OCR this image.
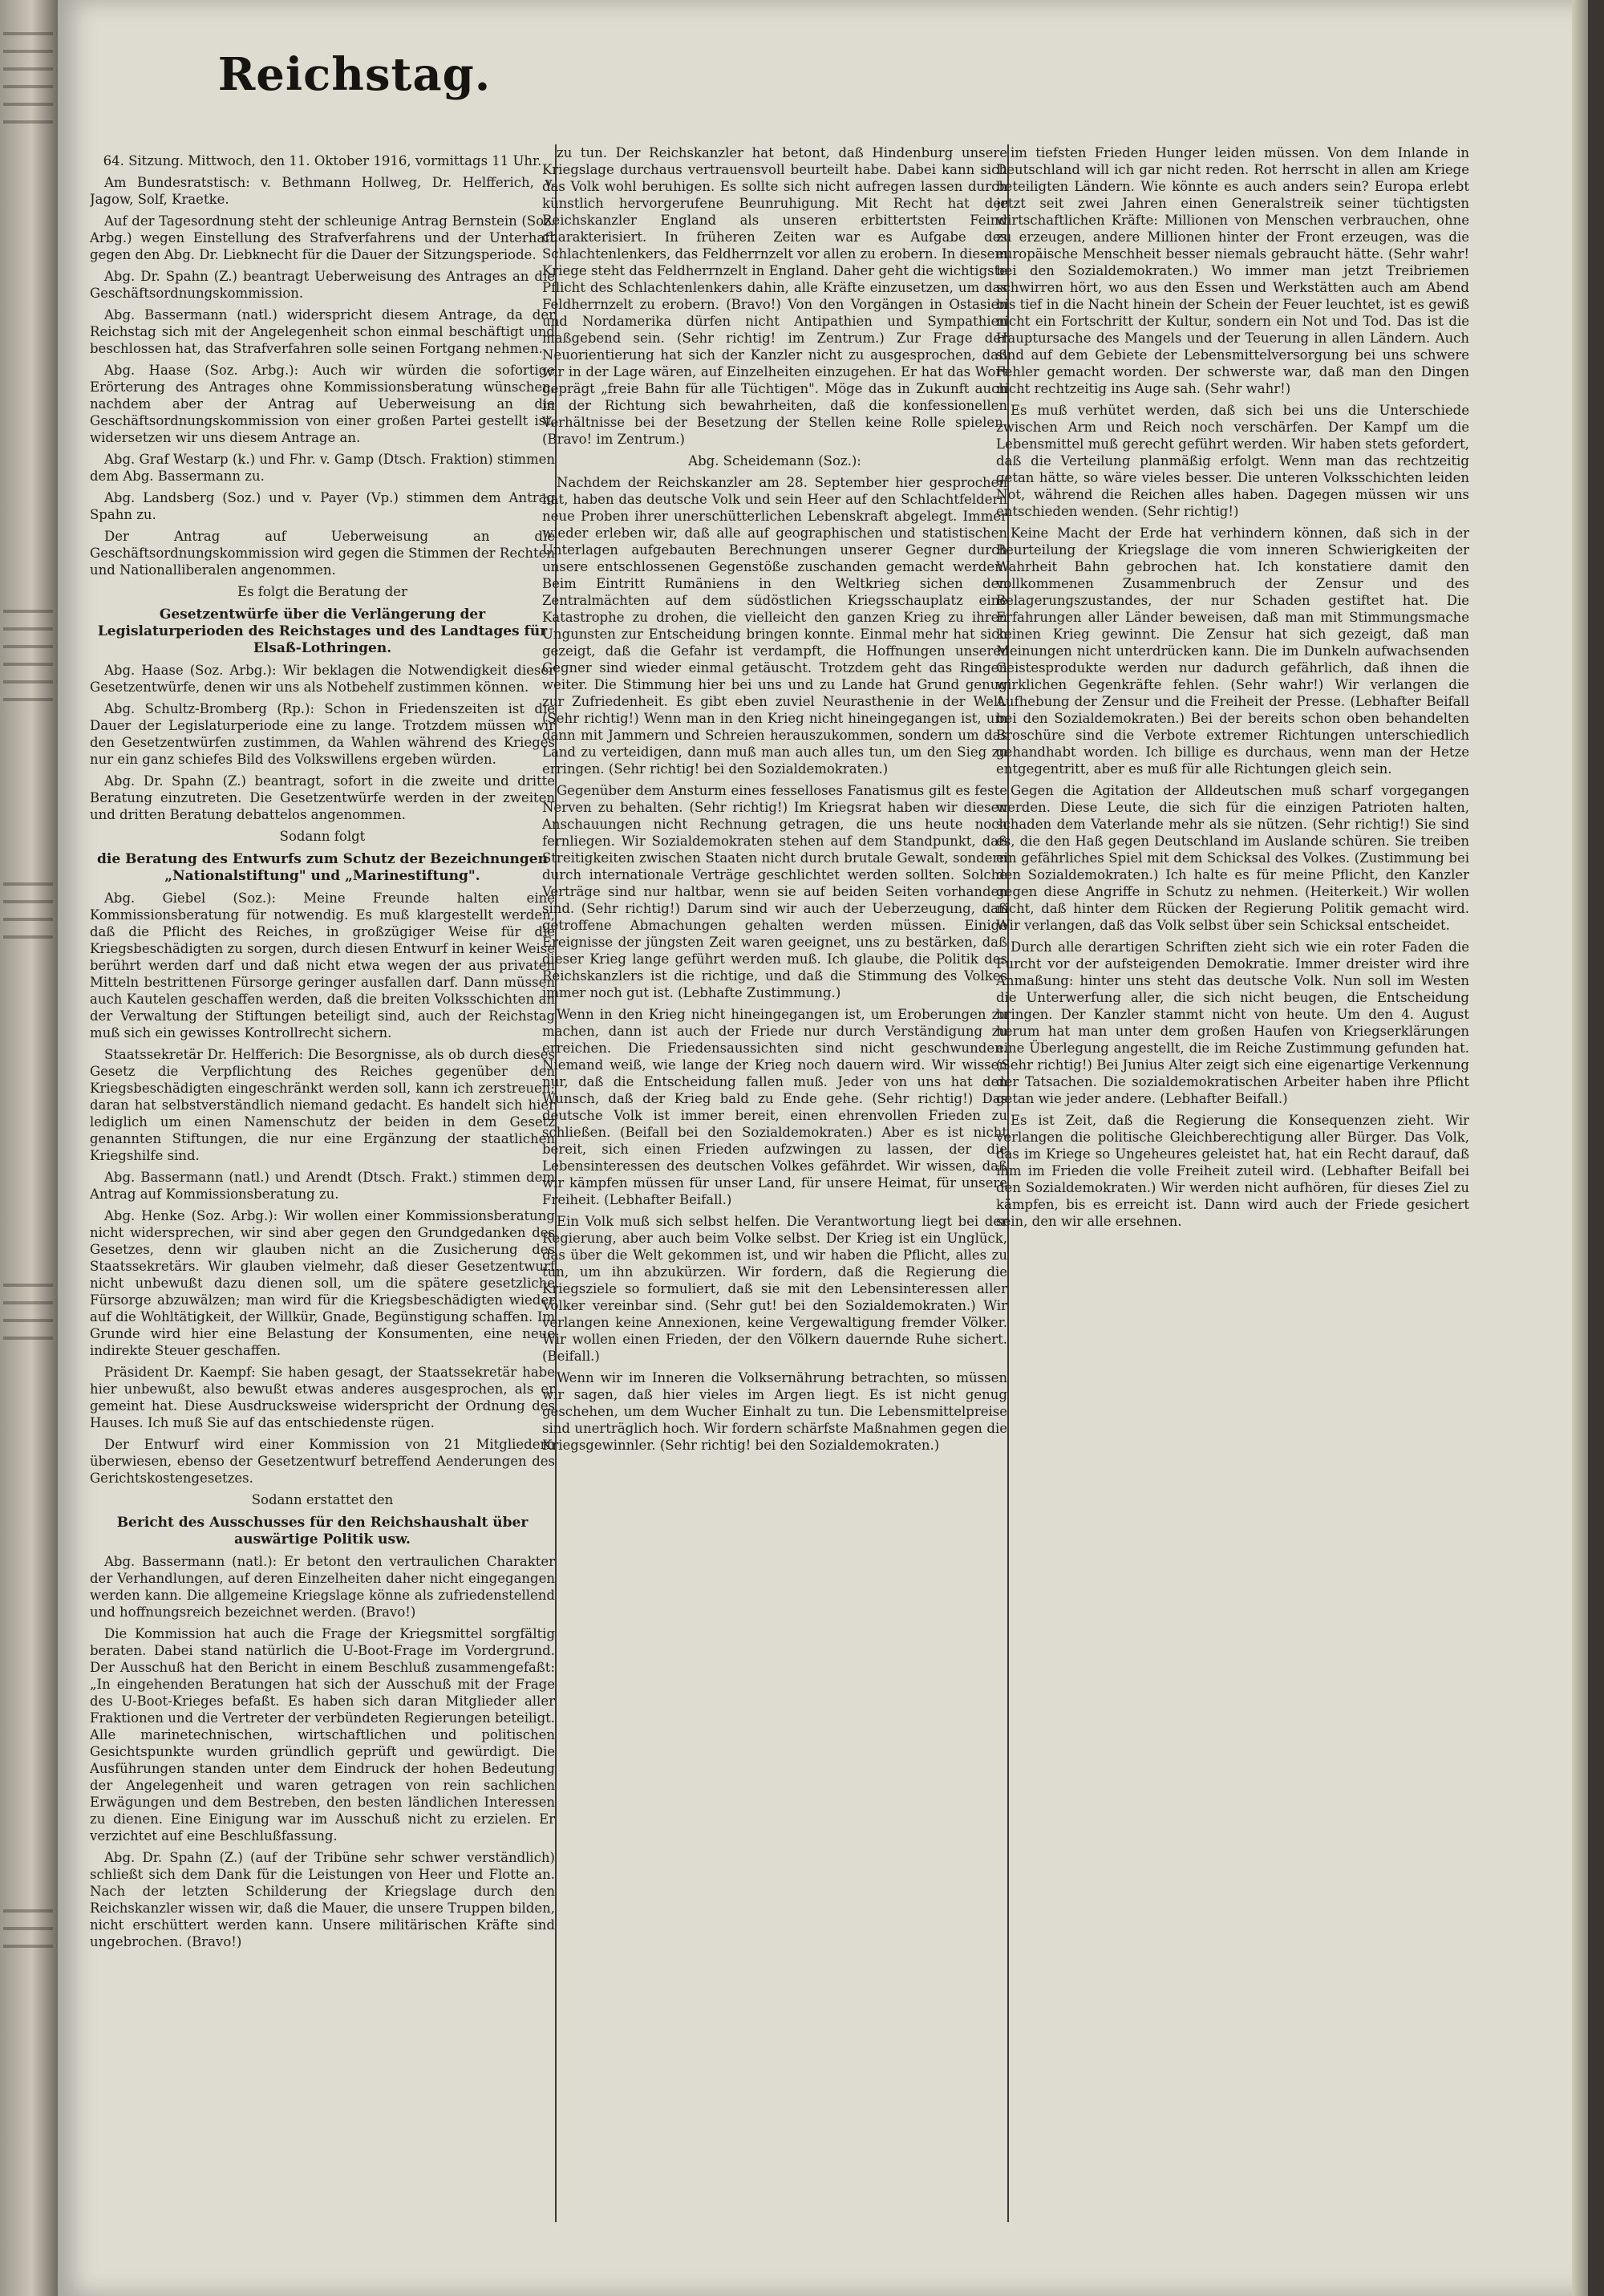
Reichstag.

64. Sitzung. Mittwoch, den 11. Oktober 1916, vormittags 11 Uhr.

Am Bundesratstisch: v. Bethmann Hollweg, Dr. Helfferich, v. Jagow, Solf, Kraetke.

Auf der Tagesordnung steht der schleunige Antrag Bernstein (Soz. Arbg.) wegen Einstellung des Strafverfahrens und der Unterhaft gegen den Abg. Dr. Liebknecht für die Dauer der Sitzungsperiode.

Abg. Dr. Spahn (Z.) beantragt Ueberweisung des Antrages an die Geschäftsordnungskommission.

Abg. Bassermann (natl.) widerspricht diesem Antrage, da der Reichstag sich mit der Angelegenheit schon einmal beschäftigt und beschlossen hat, das Strafverfahren solle seinen Fortgang nehmen.

Abg. Haase (Soz. Arbg.): Auch wir würden die sofortige Erörterung des Antrages ohne Kommissionsberatung wünschen, nachdem aber der Antrag auf Ueberweisung an die Geschäftsordnungskommission von einer großen Partei gestellt ist, widersetzen wir uns diesem Antrage an.

Abg. Graf Westarp (k.) und Fhr. v. Gamp (Dtsch. Fraktion) stimmen dem Abg. Bassermann zu.

Abg. Landsberg (Soz.) und v. Payer (Vp.) stimmen dem Antrag Spahn zu.

Der Antrag auf Ueberweisung an die Geschäftsordnungskommission wird gegen die Stimmen der Rechten und Nationalliberalen angenommen.

Es folgt die Beratung der

Gesetzentwürfe über die Verlängerung der Legislaturperioden des Reichstages und des Landtages für Elsaß-Lothringen.

Abg. Haase (Soz. Arbg.): Wir beklagen die Notwendigkeit dieser Gesetzentwürfe, denen wir uns als Notbehelf zustimmen können.

Abg. Schultz-Bromberg (Rp.): Schon in Friedenszeiten ist die Dauer der Legislaturperiode eine zu lange. Trotzdem müssen wir den Gesetzentwürfen zustimmen, da Wahlen während des Krieges nur ein ganz schiefes Bild des Volkswillens ergeben würden.

Abg. Dr. Spahn (Z.) beantragt, sofort in die zweite und dritte Beratung einzutreten. Die Gesetzentwürfe werden in der zweiten und dritten Beratung debattelos angenommen.

Sodann folgt

die Beratung des Entwurfs zum Schutz der Bezeichnungen „Nationalstiftung" und „Marinestiftung".

Abg. Giebel (Soz.): Meine Freunde halten eine Kommissionsberatung für notwendig. Es muß klargestellt werden, daß die Pflicht des Reiches, in großzügiger Weise für die Kriegsbeschädigten zu sorgen, durch diesen Entwurf in keiner Weise berührt werden darf und daß nicht etwa wegen der aus privaten Mitteln bestrittenen Fürsorge geringer ausfallen darf. Dann müssen auch Kautelen geschaffen werden, daß die breiten Volksschichten an der Verwaltung der Stiftungen beteiligt sind, auch der Reichstag muß sich ein gewisses Kontrollrecht sichern.

Staatssekretär Dr. Helfferich: Die Besorgnisse, als ob durch dieses Gesetz die Verpflichtung des Reiches gegenüber den Kriegsbeschädigten eingeschränkt werden soll, kann ich zerstreuen; daran hat selbstverständlich niemand gedacht. Es handelt sich hier lediglich um einen Namenschutz der beiden in dem Gesetz genannten Stiftungen, die nur eine Ergänzung der staatlichen Kriegshilfe sind.

Abg. Bassermann (natl.) und Arendt (Dtsch. Frakt.) stimmen dem Antrag auf Kommissionsberatung zu.

Abg. Henke (Soz. Arbg.): Wir wollen einer Kommissionsberatung nicht widersprechen, wir sind aber gegen den Grundgedanken des Gesetzes, denn wir glauben nicht an die Zusicherung des Staatssekretärs. Wir glauben vielmehr, daß dieser Gesetzentwurf nicht unbewußt dazu dienen soll, um die spätere gesetzliche Fürsorge abzuwälzen; man wird für die Kriegsbeschädigten wieder auf die Wohltätigkeit, der Willkür, Gnade, Begünstigung schaffen. Im Grunde wird hier eine Belastung der Konsumenten, eine neue indirekte Steuer geschaffen.

Präsident Dr. Kaempf: Sie haben gesagt, der Staatssekretär habe hier unbewußt, also bewußt etwas anderes ausgesprochen, als er gemeint hat. Diese Ausdrucksweise widerspricht der Ordnung des Hauses. Ich muß Sie auf das entschiedenste rügen.

Der Entwurf wird einer Kommission von 21 Mitgliedern überwiesen, ebenso der Gesetzentwurf betreffend Aenderungen des Gerichtskostengesetzes.

Sodann erstattet den

Bericht des Ausschusses für den Reichshaushalt über auswärtige Politik usw.

Abg. Bassermann (natl.): Er betont den vertraulichen Charakter der Verhandlungen, auf deren Einzelheiten daher nicht eingegangen werden kann. Die allgemeine Kriegslage könne als zufriedenstellend und hoffnungsreich bezeichnet werden. (Bravo!)

Die Kommission hat auch die Frage der Kriegsmittel sorgfältig beraten. Dabei stand natürlich die U-Boot-Frage im Vordergrund. Der Ausschuß hat den Bericht in einem Beschluß zusammengefaßt: „In eingehenden Beratungen hat sich der Ausschuß mit der Frage des U-Boot-Krieges befaßt. Es haben sich daran Mitglieder aller Fraktionen und die Vertreter der verbündeten Regierungen beteiligt. Alle marinetechnischen, wirtschaftlichen und politischen Gesichtspunkte wurden gründlich geprüft und gewürdigt. Die Ausführungen standen unter dem Eindruck der hohen Bedeutung der Angelegenheit und waren getragen von rein sachlichen Erwägungen und dem Bestreben, den besten ländlichen Interessen zu dienen. Eine Einigung war im Ausschuß nicht zu erzielen. Er verzichtet auf eine Beschlußfassung.

Abg. Dr. Spahn (Z.) (auf der Tribüne sehr schwer verständlich) schließt sich dem Dank für die Leistungen von Heer und Flotte an. Nach der letzten Schilderung der Kriegslage durch den Reichskanzler wissen wir, daß die Mauer, die unsere Truppen bilden, nicht erschüttert werden kann. Unsere militärischen Kräfte sind ungebrochen. (Bravo!)

zu tun. Der Reichskanzler hat betont, daß Hindenburg unsere Kriegslage durchaus vertrauensvoll beurteilt habe. Dabei kann sich das Volk wohl beruhigen. Es sollte sich nicht aufregen lassen durch künstlich hervorgerufene Beunruhigung. Mit Recht hat der Reichskanzler England als unseren erbittertsten Feind charakterisiert. In früheren Zeiten war es Aufgabe des Schlachtenlenkers, das Feldherrnzelt vor allen zu erobern. In diesem Kriege steht das Feldherrnzelt in England. Daher geht die wichtigste Pflicht des Schlachtenlenkers dahin, alle Kräfte einzusetzen, um das Feldherrnzelt zu erobern. (Bravo!) Von den Vorgängen in Ostasien und Nordamerika dürfen nicht Antipathien und Sympathien maßgebend sein. (Sehr richtig! im Zentrum.) Zur Frage der Neuorientierung hat sich der Kanzler nicht zu ausgesprochen, daß wir in der Lage wären, auf Einzelheiten einzugehen. Er hat das Wort geprägt „freie Bahn für alle Tüchtigen". Möge das in Zukunft auch in der Richtung sich bewahrheiten, daß die konfessionellen Verhältnisse bei der Besetzung der Stellen keine Rolle spielen. (Bravo! im Zentrum.)

Abg. Scheidemann (Soz.):

Nachdem der Reichskanzler am 28. September hier gesprochen hat, haben das deutsche Volk und sein Heer auf den Schlachtfeldern neue Proben ihrer unerschütterlichen Lebenskraft abgelegt. Immer wieder erleben wir, daß alle auf geographischen und statistischen Unterlagen aufgebauten Berechnungen unserer Gegner durch unsere entschlossenen Gegenstöße zuschanden gemacht werden. Beim Eintritt Rumäniens in den Weltkrieg sichen den Zentralmächten auf dem südöstlichen Kriegsschauplatz eine Katastrophe zu drohen, die vielleicht den ganzen Krieg zu ihren Ungunsten zur Entscheidung bringen konnte. Einmal mehr hat sich gezeigt, daß die Gefahr ist verdampft, die Hoffnungen unserer Gegner sind wieder einmal getäuscht. Trotzdem geht das Ringen weiter. Die Stimmung hier bei uns und zu Lande hat Grund genug zur Zufriedenheit. Es gibt eben zuviel Neurasthenie in der Welt. (Sehr richtig!) Wenn man in den Krieg nicht hineingegangen ist, um dann mit Jammern und Schreien herauszukommen, sondern um das Land zu verteidigen, dann muß man auch alles tun, um den Sieg zu erringen. (Sehr richtig! bei den Sozialdemokraten.)

Gegenüber dem Ansturm eines fesselloses Fanatismus gilt es feste Nerven zu behalten. (Sehr richtig!) Im Kriegsrat haben wir diesen Anschauungen nicht Rechnung getragen, die uns heute noch fernliegen. Wir Sozialdemokraten stehen auf dem Standpunkt, daß Streitigkeiten zwischen Staaten nicht durch brutale Gewalt, sondern durch internationale Verträge geschlichtet werden sollten. Solche Verträge sind nur haltbar, wenn sie auf beiden Seiten vorhanden sind. (Sehr richtig!) Darum sind wir auch der Ueberzeugung, daß getroffene Abmachungen gehalten werden müssen. Einige Ereignisse der jüngsten Zeit waren geeignet, uns zu bestärken, daß dieser Krieg lange geführt werden muß. Ich glaube, die Politik des Reichskanzlers ist die richtige, und daß die Stimmung des Volkes immer noch gut ist. (Lebhafte Zustimmung.)

Wenn in den Krieg nicht hineingegangen ist, um Eroberungen zu machen, dann ist auch der Friede nur durch Verständigung zu erreichen. Die Friedensaussichten sind nicht geschwunden. Niemand weiß, wie lange der Krieg noch dauern wird. Wir wissen nur, daß die Entscheidung fallen muß. Jeder von uns hat den Wunsch, daß der Krieg bald zu Ende gehe. (Sehr richtig!) Das deutsche Volk ist immer bereit, einen ehrenvollen Frieden zu schließen. (Beifall bei den Sozialdemokraten.) Aber es ist nicht bereit, sich einen Frieden aufzwingen zu lassen, der die Lebensinteressen des deutschen Volkes gefährdet. Wir wissen, daß wir kämpfen müssen für unser Land, für unsere Heimat, für unsere Freiheit. (Lebhafter Beifall.)

Ein Volk muß sich selbst helfen. Die Verantwortung liegt bei der Regierung, aber auch beim Volke selbst. Der Krieg ist ein Unglück, das über die Welt gekommen ist, und wir haben die Pflicht, alles zu tun, um ihn abzukürzen. Wir fordern, daß die Regierung die Kriegsziele so formuliert, daß sie mit den Lebensinteressen aller Völker vereinbar sind. (Sehr gut! bei den Sozialdemokraten.) Wir verlangen keine Annexionen, keine Vergewaltigung fremder Völker. Wir wollen einen Frieden, der den Völkern dauernde Ruhe sichert. (Beifall.)

Wenn wir im Inneren die Volksernährung betrachten, so müssen wir sagen, daß hier vieles im Argen liegt. Es ist nicht genug geschehen, um dem Wucher Einhalt zu tun. Die Lebensmittelpreise sind unerträglich hoch. Wir fordern schärfste Maßnahmen gegen die Kriegsgewinnler. (Sehr richtig! bei den Sozialdemokraten.)

im tiefsten Frieden Hunger leiden müssen. Von dem Inlande in Deutschland will ich gar nicht reden. Rot herrscht in allen am Kriege beteiligten Ländern. Wie könnte es auch anders sein? Europa erlebt jetzt seit zwei Jahren einen Generalstreik seiner tüchtigsten wirtschaftlichen Kräfte: Millionen von Menschen verbrauchen, ohne zu erzeugen, andere Millionen hinter der Front erzeugen, was die europäische Menschheit besser niemals gebraucht hätte. (Sehr wahr! bei den Sozialdemokraten.) Wo immer man jetzt Treibriemen schwirren hört, wo aus den Essen und Werkstätten auch am Abend bis tief in die Nacht hinein der Schein der Feuer leuchtet, ist es gewiß nicht ein Fortschritt der Kultur, sondern ein Not und Tod. Das ist die Hauptursache des Mangels und der Teuerung in allen Ländern. Auch sind auf dem Gebiete der Lebensmittelversorgung bei uns schwere Fehler gemacht worden. Der schwerste war, daß man den Dingen nicht rechtzeitig ins Auge sah. (Sehr wahr!)

Es muß verhütet werden, daß sich bei uns die Unterschiede zwischen Arm und Reich noch verschärfen. Der Kampf um die Lebensmittel muß gerecht geführt werden. Wir haben stets gefordert, daß die Verteilung planmäßig erfolgt. Wenn man das rechtzeitig getan hätte, so wäre vieles besser. Die unteren Volksschichten leiden Not, während die Reichen alles haben. Dagegen müssen wir uns entschieden wenden. (Sehr richtig!)

Keine Macht der Erde hat verhindern können, daß sich in der Beurteilung der Kriegslage die vom inneren Schwierigkeiten der Wahrheit Bahn gebrochen hat. Ich konstatiere damit den vollkommenen Zusammenbruch der Zensur und des Belagerungszustandes, der nur Schaden gestiftet hat. Die Erfahrungen aller Länder beweisen, daß man mit Stimmungsmache keinen Krieg gewinnt. Die Zensur hat sich gezeigt, daß man Meinungen nicht unterdrücken kann. Die im Dunkeln aufwachsenden Geistesprodukte werden nur dadurch gefährlich, daß ihnen die wirklichen Gegenkräfte fehlen. (Sehr wahr!) Wir verlangen die Aufhebung der Zensur und die Freiheit der Presse. (Lebhafter Beifall bei den Sozialdemokraten.) Bei der bereits schon oben behandelten Broschüre sind die Verbote extremer Richtungen unterschiedlich gehandhabt worden. Ich billige es durchaus, wenn man der Hetze entgegentritt, aber es muß für alle Richtungen gleich sein.

Gegen die Agitation der Alldeutschen muß scharf vorgegangen werden. Diese Leute, die sich für die einzigen Patrioten halten, schaden dem Vaterlande mehr als sie nützen. (Sehr richtig!) Sie sind es, die den Haß gegen Deutschland im Auslande schüren. Sie treiben ein gefährliches Spiel mit dem Schicksal des Volkes. (Zustimmung bei den Sozialdemokraten.) Ich halte es für meine Pflicht, den Kanzler gegen diese Angriffe in Schutz zu nehmen. (Heiterkeit.) Wir wollen nicht, daß hinter dem Rücken der Regierung Politik gemacht wird. Wir verlangen, daß das Volk selbst über sein Schicksal entscheidet.

Durch alle derartigen Schriften zieht sich wie ein roter Faden die Furcht vor der aufsteigenden Demokratie. Immer dreister wird ihre Anmaßung: hinter uns steht das deutsche Volk. Nun soll im Westen die Unterwerfung aller, die sich nicht beugen, die Entscheidung bringen. Der Kanzler stammt nicht von heute. Um den 4. August herum hat man unter dem großen Haufen von Kriegserklärungen eine Überlegung angestellt, die im Reiche Zustimmung gefunden hat. (Sehr richtig!) Bei Junius Alter zeigt sich eine eigenartige Verkennung der Tatsachen. Die sozialdemokratischen Arbeiter haben ihre Pflicht getan wie jeder andere. (Lebhafter Beifall.)

Es ist Zeit, daß die Regierung die Konsequenzen zieht. Wir verlangen die politische Gleichberechtigung aller Bürger. Das Volk, das im Kriege so Ungeheures geleistet hat, hat ein Recht darauf, daß ihm im Frieden die volle Freiheit zuteil wird. (Lebhafter Beifall bei den Sozialdemokraten.) Wir werden nicht aufhören, für dieses Ziel zu kämpfen, bis es erreicht ist. Dann wird auch der Friede gesichert sein, den wir alle ersehnen.
